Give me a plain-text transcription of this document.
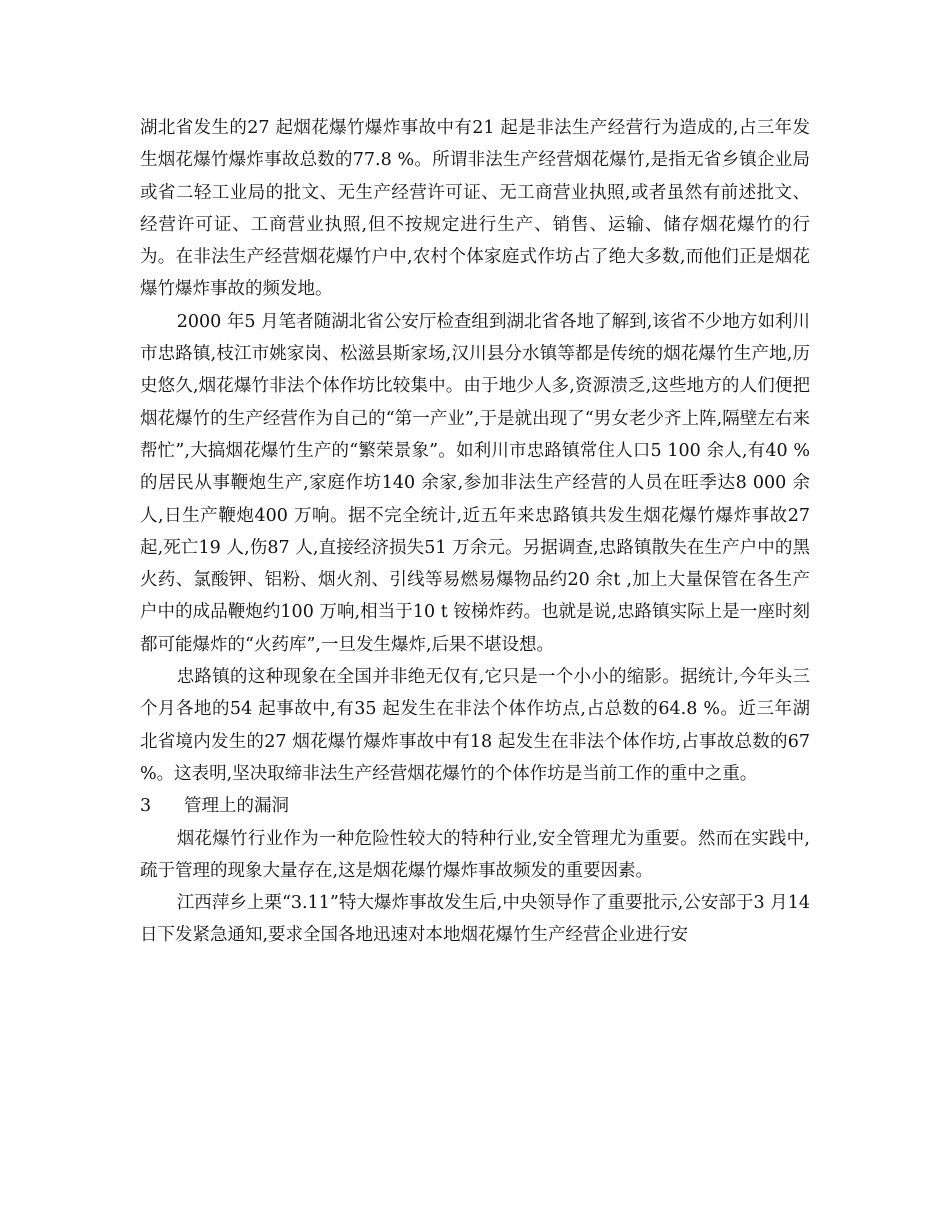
湖北省发生的27 起烟花爆竹爆炸事故中有21 起是非法生产经营行为造成的,占三年发生烟花爆竹爆炸事故总数的77.8 %。所谓非法生产经营烟花爆竹,是指无省乡镇企业局或省二轻工业局的批文、无生产经营许可证、无工商营业执照,或者虽然有前述批文、经营许可证、工商营业执照,但不按规定进行生产、销售、运输、储存烟花爆竹的行为。在非法生产经营烟花爆竹户中,农村个体家庭式作坊占了绝大多数,而他们正是烟花爆竹爆炸事故的频发地。

2000 年5 月笔者随湖北省公安厅检查组到湖北省各地了解到,该省不少地方如利川市忠路镇,枝江市姚家岗、松滋县斯家场,汉川县分水镇等都是传统的烟花爆竹生产地,历史悠久,烟花爆竹非法个体作坊比较集中。由于地少人多,资源溃乏,这些地方的人们便把烟花爆竹的生产经营作为自己的“第一产业”,于是就出现了“男女老少齐上阵,隔壁左右来帮忙”,大搞烟花爆竹生产的“繁荣景象”。如利川市忠路镇常住人口5 100 余人,有40 %的居民从事鞭炮生产,家庭作坊140 余家,参加非法生产经营的人员在旺季达8 000 余人,日生产鞭炮400 万响。据不完全统计,近五年来忠路镇共发生烟花爆竹爆炸事故27 起,死亡19 人,伤87 人,直接经济损失51 万余元。另据调查,忠路镇散失在生产户中的黑火药、氯酸钾、铝粉、烟火剂、引线等易燃易爆物品约20 余t ,加上大量保管在各生产户中的成品鞭炮约100 万响,相当于10 t 铵梯炸药。也就是说,忠路镇实际上是一座时刻都可能爆炸的“火药库”,一旦发生爆炸,后果不堪设想。

忠路镇的这种现象在全国并非绝无仅有,它只是一个小小的缩影。据统计,今年头三个月各地的54 起事故中,有35 起发生在非法个体作坊点,占总数的64.8 %。近三年湖北省境内发生的27 烟花爆竹爆炸事故中有18 起发生在非法个体作坊,占事故总数的67 %。这表明,坚决取缔非法生产经营烟花爆竹的个体作坊是当前工作的重中之重。

3 管理上的漏洞

烟花爆竹行业作为一种危险性较大的特种行业,安全管理尤为重要。然而在实践中,疏于管理的现象大量存在,这是烟花爆竹爆炸事故频发的重要因素。

江西萍乡上栗“3.11”特大爆炸事故发生后,中央领导作了重要批示,公安部于3 月14 日下发紧急通知,要求全国各地迅速对本地烟花爆竹生产经营企业进行安
